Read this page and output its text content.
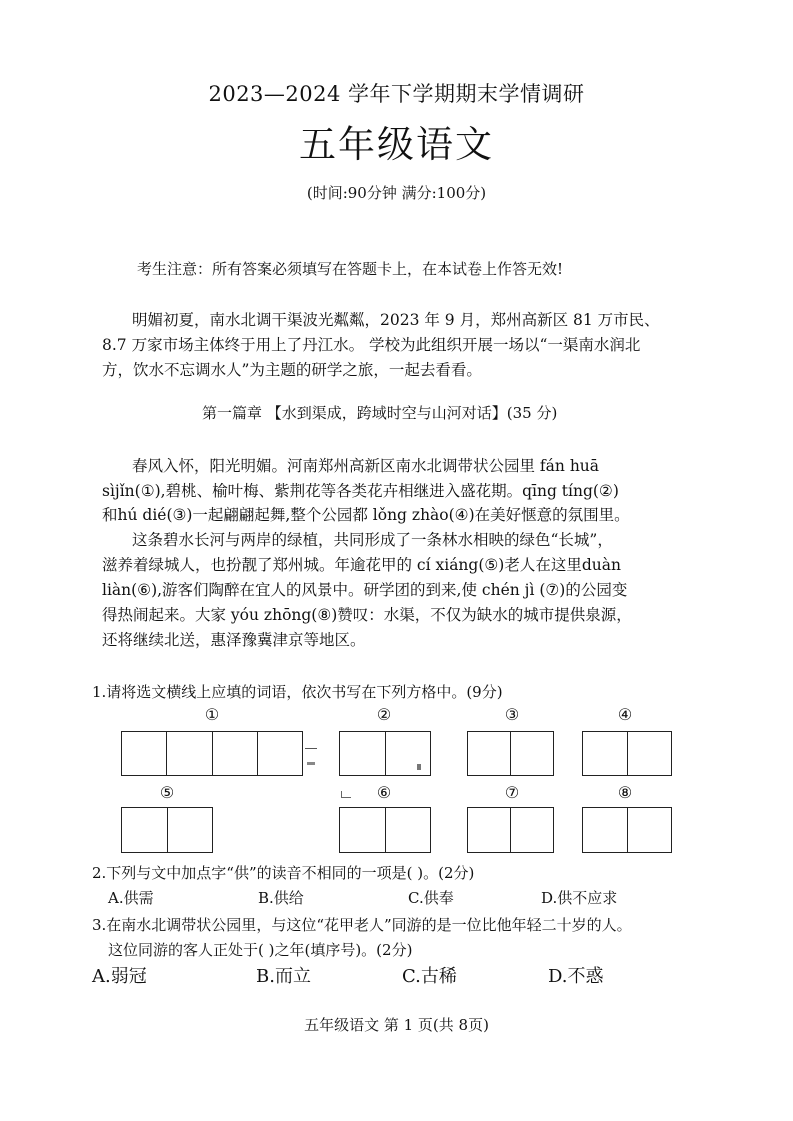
2023—2024 学年下学期期末学情调研
五年级语文
(时间:90分钟 满分:100分)
考生注意：所有答案必须填写在答题卡上，在本试卷上作答无效!
明媚初夏，南水北调干渠波光粼粼，2023 年 9 月，郑州高新区 81 万市民、
8.7 万家市场主体终于用上了丹江水。 学校为此组织开展一场以“一渠南水润北
方，饮水不忘调水人”为主题的研学之旅，一起去看看。
第一篇章 【水到渠成，跨域时空与山河对话】(35 分)
春风入怀，阳光明媚。河南郑州高新区南水北调带状公园里 fán huā
sìjǐn(①),碧桃、榆叶梅、紫荆花等各类花卉相继进入盛花期。qīng tíng(②)
和hú dié(③)一起翩翩起舞,整个公园都 lǒng zhào(④)在美好惬意的氛围里。
这条碧水长河与两岸的绿植，共同形成了一条林水相映的绿色“长城”，
滋养着绿城人，也扮靓了郑州城。年逾花甲的 cí xiáng(⑤)老人在这里duàn
liàn(⑥),游客们陶醉在宜人的风景中。研学团的到来,使 chén jì (⑦)的公园变
得热闹起来。大家 yóu zhōng(⑧)赞叹：水渠，不仅为缺水的城市提供泉源，
还将继续北送，惠泽豫冀津京等地区。
1.请将选文横线上应填的词语，依次书写在下列方格中。(9分)
①	②	③	④
⑤	⑥	⑦	⑧
2.下列与文中加点字“供”的读音不相同的一项是( )。(2分)
A.供需	B.供给	C.供奉	D.供不应求
3.在南水北调带状公园里，与这位“花甲老人”同游的是一位比他年轻二十岁的人。
这位同游的客人正处于( )之年(填序号)。(2分)
A.弱冠	B.而立	C.古稀	D.不惑
五年级语文 第 1 页(共 8页)
